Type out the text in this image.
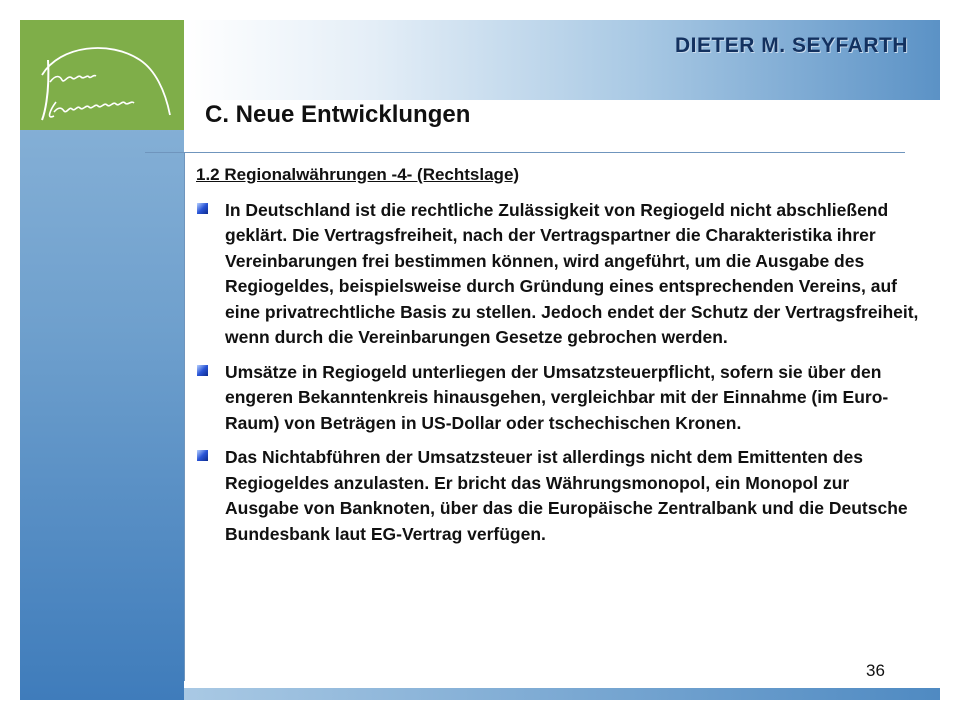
DIETER M. SEYFARTH
C. Neue Entwicklungen
1.2 Regionalwährungen -4- (Rechtslage)
In Deutschland ist die rechtliche Zulässigkeit von Regiogeld nicht abschließend geklärt. Die Vertragsfreiheit, nach der Vertragspartner die Charakteristika ihrer Vereinbarungen frei bestimmen können, wird angeführt, um die Ausgabe des Regiogeldes, beispielsweise durch Gründung eines entsprechenden Vereins, auf eine privatrechtliche Basis zu stellen. Jedoch endet der Schutz der Vertragsfreiheit, wenn durch die Vereinbarungen Gesetze gebrochen werden.
Umsätze in Regiogeld unterliegen der Umsatzsteuerpflicht, sofern sie über den engeren Bekanntenkreis hinausgehen, vergleichbar mit der Einnahme (im Euro-Raum) von Beträgen in US-Dollar oder tschechischen Kronen.
Das Nichtabführen der Umsatzsteuer ist allerdings nicht dem Emittenten des Regiogeldes anzulasten. Er bricht das Währungsmonopol, ein Monopol zur Ausgabe von Banknoten, über das die Europäische Zentralbank und die Deutsche Bundesbank laut EG-Vertrag verfügen.
36
